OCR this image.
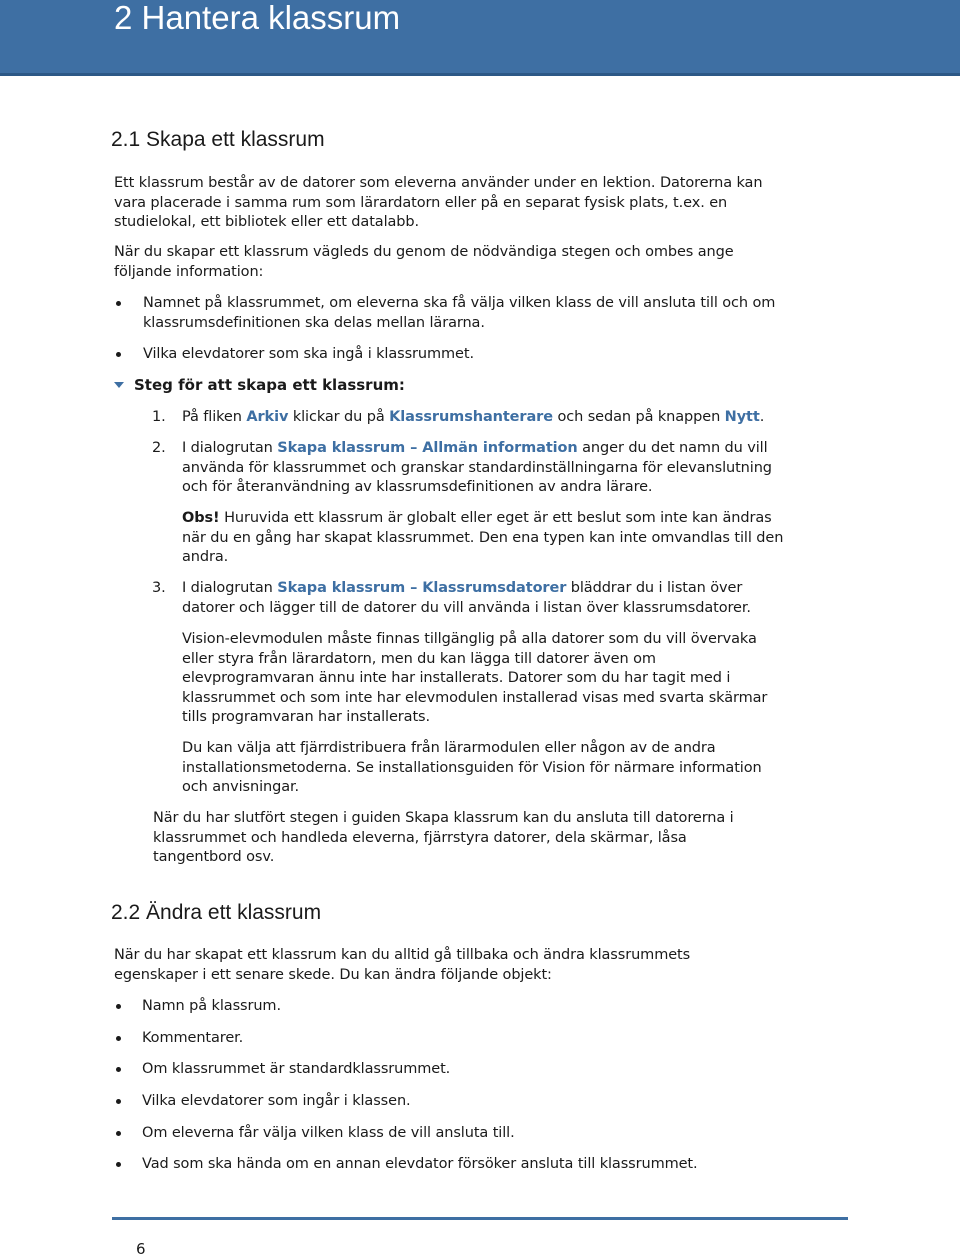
2 Hantera klassrum
2.1 Skapa ett klassrum
Ett klassrum består av de datorer som eleverna använder under en lektion. Datorerna kan
vara placerade i samma rum som lärardatorn eller på en separat fysisk plats, t.ex. en
studielokal, ett bibliotek eller ett datalabb.
När du skapar ett klassrum vägleds du genom de nödvändiga stegen och ombes ange
följande information:
Namnet på klassrummet, om eleverna ska få välja vilken klass de vill ansluta till och om
klassrumsdefinitionen ska delas mellan lärarna.
Vilka elevdatorer som ska ingå i klassrummet.
Steg för att skapa ett klassrum:
1. På fliken Arkiv klickar du på Klassrumshanterare och sedan på knappen Nytt.
2. I dialogrutan Skapa klassrum – Allmän information anger du det namn du vill
använda för klassrummet och granskar standardinställningarna för elevanslutning
och för återanvändning av klassrumsdefinitionen av andra lärare.
Obs! Huruvida ett klassrum är globalt eller eget är ett beslut som inte kan ändras
när du en gång har skapat klassrummet. Den ena typen kan inte omvandlas till den
andra.
3. I dialogrutan Skapa klassrum – Klassrumsdatorer bläddrar du i listan över
datorer och lägger till de datorer du vill använda i listan över klassrumsdatorer.
Vision-elevmodulen måste finnas tillgänglig på alla datorer som du vill övervaka
eller styra från lärardatorn, men du kan lägga till datorer även om
elevprogramvaran ännu inte har installerats. Datorer som du har tagit med i
klassrummet och som inte har elevmodulen installerad visas med svarta skärmar
tills programvaran har installerats.
Du kan välja att fjärrdistribuera från lärarmodulen eller någon av de andra
installationsmetoderna. Se installationsguiden för Vision för närmare information
och anvisningar.
När du har slutfört stegen i guiden Skapa klassrum kan du ansluta till datorerna i
klassrummet och handleda eleverna, fjärrstyra datorer, dela skärmar, låsa
tangentbord osv.
2.2 Ändra ett klassrum
När du har skapat ett klassrum kan du alltid gå tillbaka och ändra klassrummets
egenskaper i ett senare skede. Du kan ändra följande objekt:
Namn på klassrum.
Kommentarer.
Om klassrummet är standardklassrummet.
Vilka elevdatorer som ingår i klassen.
Om eleverna får välja vilken klass de vill ansluta till.
Vad som ska hända om en annan elevdator försöker ansluta till klassrummet.
6
